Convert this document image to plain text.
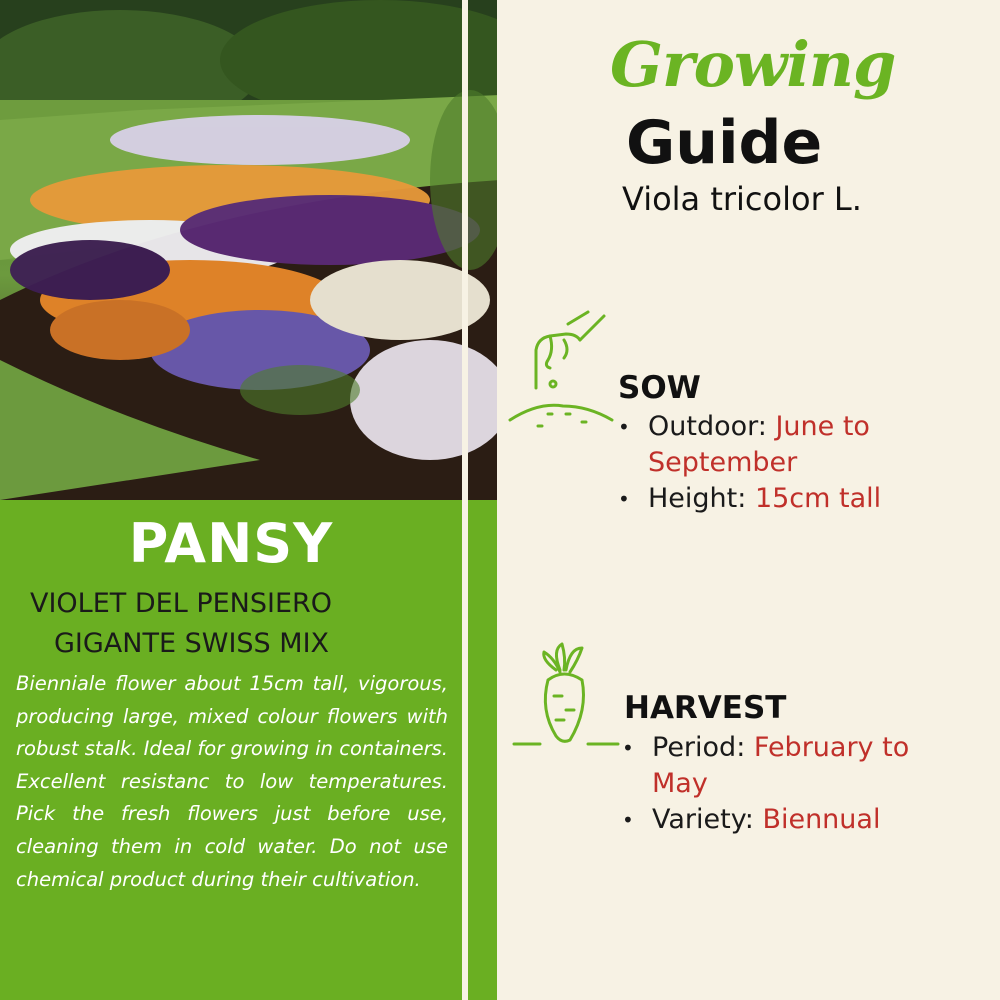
PANSY
VIOLET DEL PENSIERO
GIGANTE SWISS MIX
Bienniale flower about 15cm tall, vigorous, producing large, mixed colour flowers with robust stalk. Ideal for growing in containers. Excellent resistanc to low temperatures. Pick the fresh flowers just before use, cleaning them in cold water. Do not use chemical product during their cultivation.
Growing
Guide
Viola tricolor L.
SOW
• Outdoor: June to
September
• Height: 15cm tall
HARVEST
• Period: February to
May
• Variety: Biennual
